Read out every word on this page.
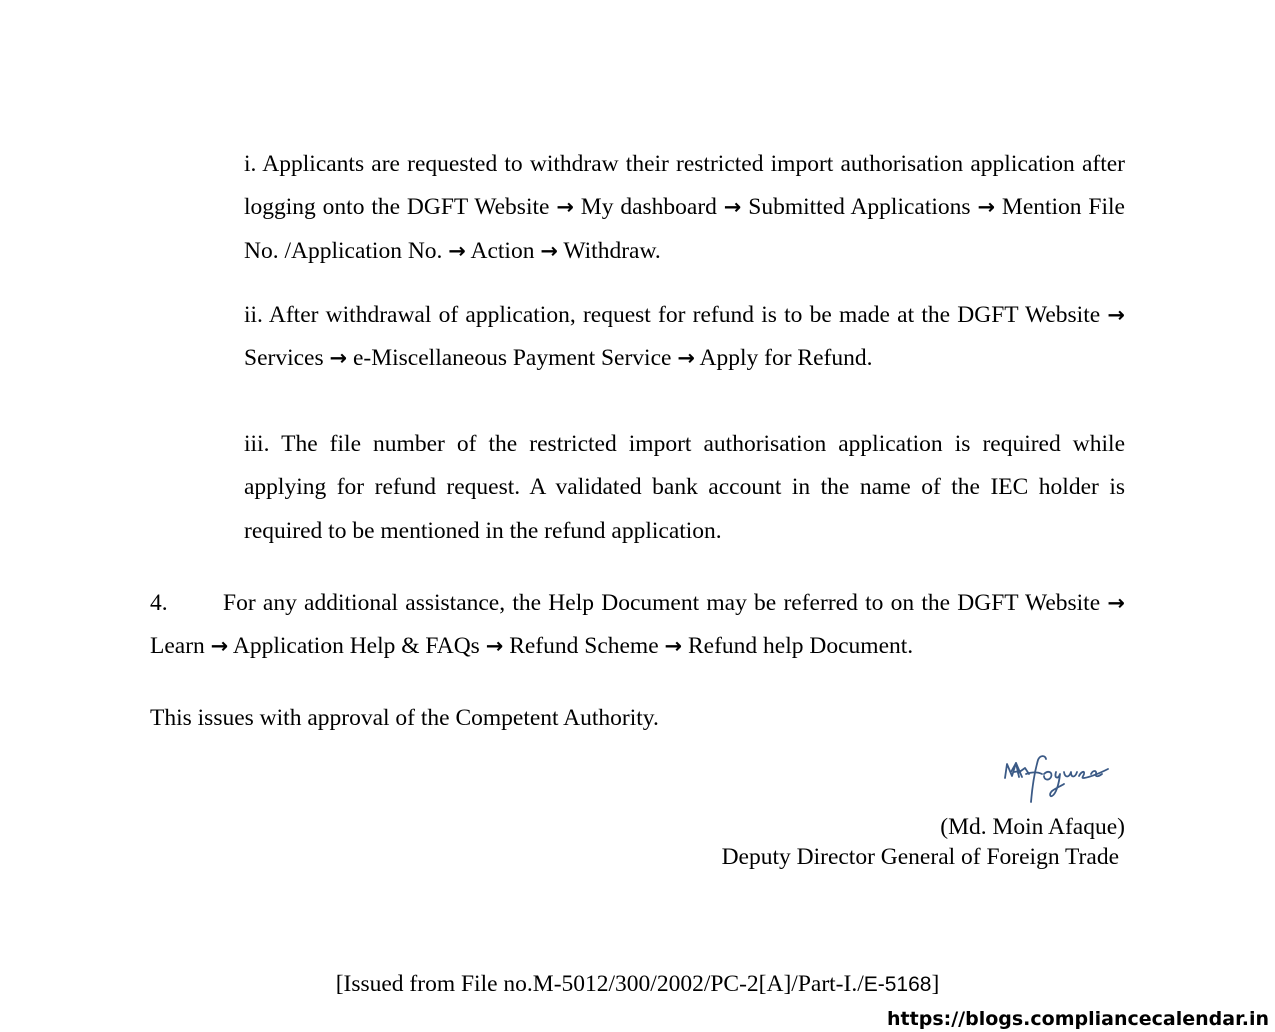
i. Applicants are requested to withdraw their restricted import authorisation application after logging onto the DGFT Website → My dashboard → Submitted Applications → Mention File No. /Application No. → Action → Withdraw.

ii. After withdrawal of application, request for refund is to be made at the DGFT Website → Services → e-Miscellaneous Payment Service → Apply for Refund.

iii. The file number of the restricted import authorisation application is required while applying for refund request. A validated bank account in the name of the IEC holder is required to be mentioned in the refund application.

4. For any additional assistance, the Help Document may be referred to on the DGFT Website → Learn → Application Help & FAQs → Refund Scheme → Refund help Document.

This issues with approval of the Competent Authority.

(Md. Moin Afaque)

Deputy Director General of Foreign Trade

[Issued from File no.M-5012/300/2002/PC-2[A]/Part-I./E-5168]

https://blogs.compliancecalendar.in
